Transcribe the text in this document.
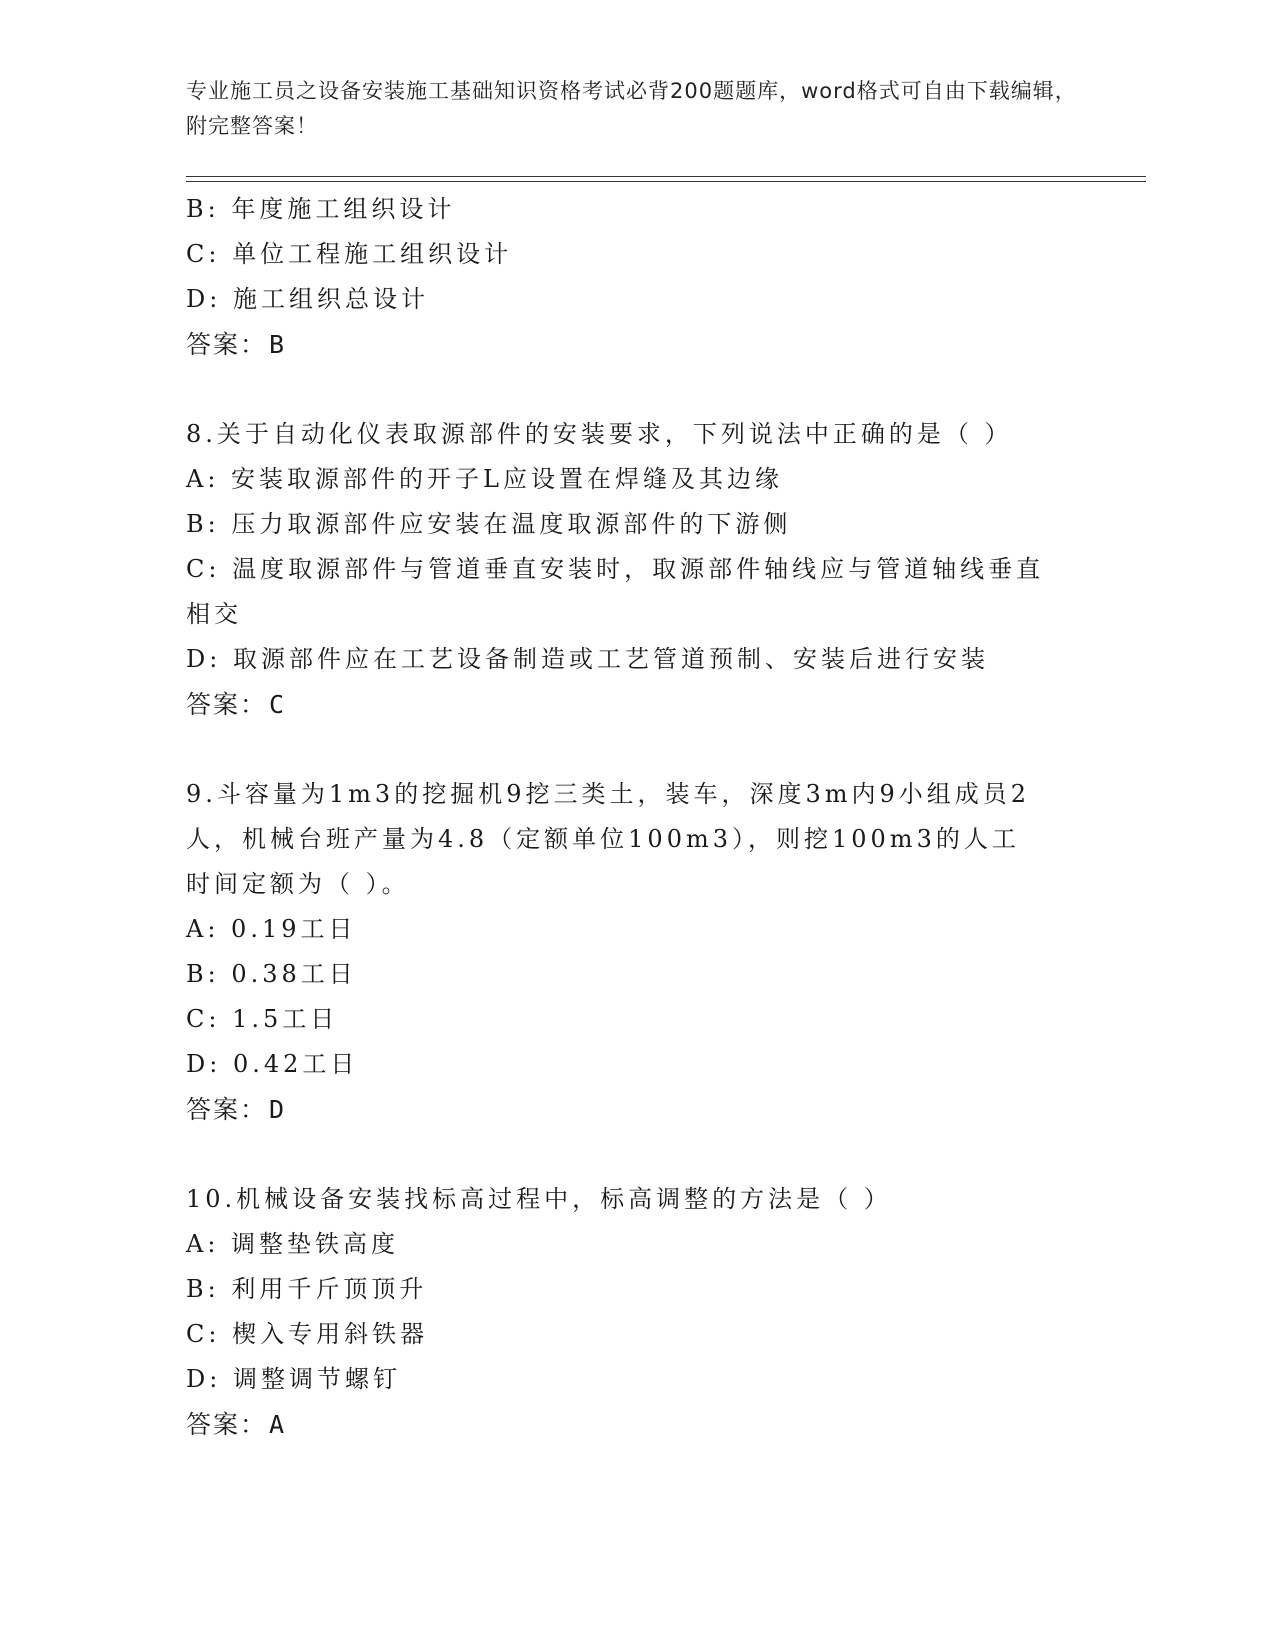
专业施工员之设备安装施工基础知识资格考试必背200题题库，word格式可自由下载编辑，附完整答案！
B: 年度施工组织设计
C: 单位工程施工组织设计
D: 施工组织总设计
答案：B
8.关于自动化仪表取源部件的安装要求，下列说法中正确的是（ ）
A: 安装取源部件的开子L应设置在焊缝及其边缘
B: 压力取源部件应安装在温度取源部件的下游侧
C: 温度取源部件与管道垂直安装时，取源部件轴线应与管道轴线垂直相交
D: 取源部件应在工艺设备制造或工艺管道预制、安装后进行安装
答案：C
9.斗容量为1m3的挖掘机9挖三类土，装车，深度3m内9小组成员2人，机械台班产量为4.8（定额单位100m3），则挖100m3的人工时间定额为（ ）。
A: 0.19工日
B: 0.38工日
C: 1.5工日
D: 0.42工日
答案：D
10.机械设备安装找标高过程中，标高调整的方法是（ ）
A: 调整垫铁高度
B: 利用千斤顶顶升
C: 楔入专用斜铁器
D: 调整调节螺钉
答案：A
